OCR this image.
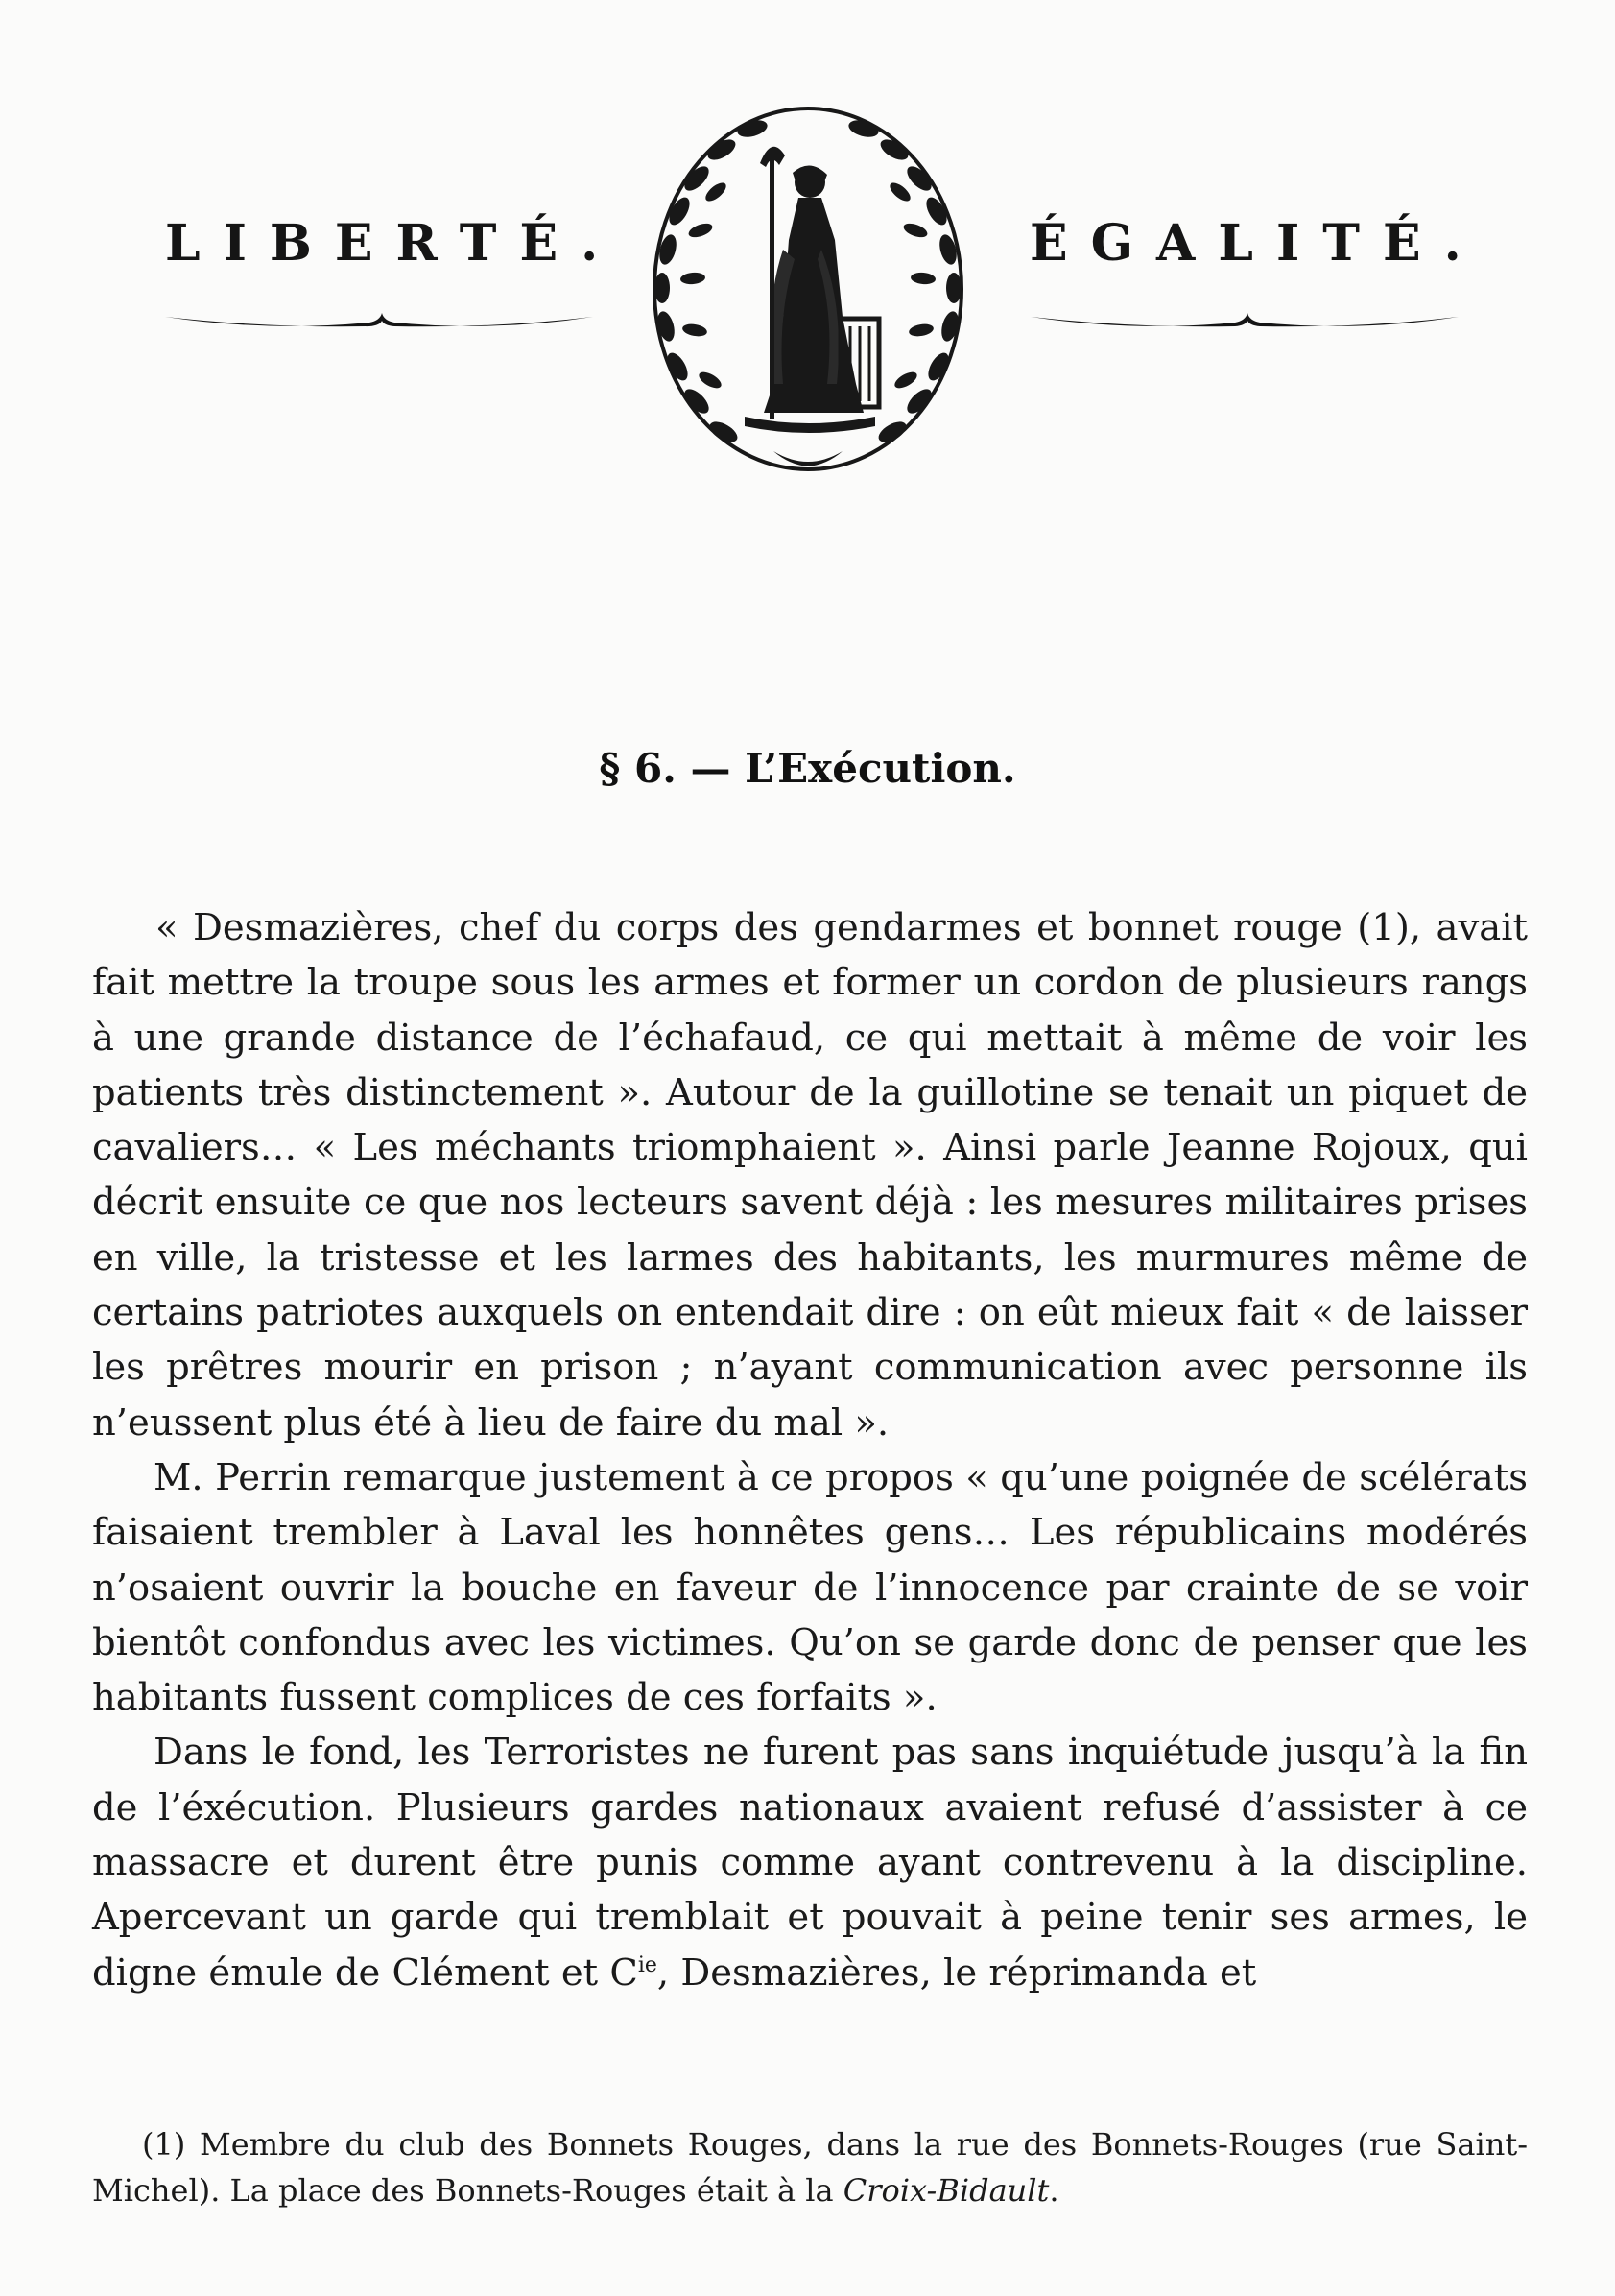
LIBERTÉ.	ÉGALITÉ.
§ 6. — L’Exécution.

« Desmazières, chef du corps des gendarmes et bonnet rouge (1), avait fait mettre la troupe sous les armes et former un cordon de plusieurs rangs à une grande distance de l’échafaud, ce qui mettait à même de voir les patients très distinctement ». Autour de la guillotine se tenait un piquet de cavaliers… « Les méchants triomphaient ». Ainsi parle Jeanne Rojoux, qui décrit ensuite ce que nos lecteurs savent déjà : les mesures militaires prises en ville, la tristesse et les larmes des habitants, les murmures même de certains patriotes auxquels on entendait dire : on eût mieux fait « de laisser les prêtres mourir en prison ; n’ayant communication avec personne ils n’eussent plus été à lieu de faire du mal ».

M. Perrin remarque justement à ce propos « qu’une poignée de scélérats faisaient trembler à Laval les honnêtes gens… Les républicains modérés n’osaient ouvrir la bouche en faveur de l’innocence par crainte de se voir bientôt confondus avec les victimes. Qu’on se garde donc de penser que les habitants fussent complices de ces forfaits ».

Dans le fond, les Terroristes ne furent pas sans inquiétude jusqu’à la fin de l’éxécution. Plusieurs gardes nationaux avaient refusé d’assister à ce massacre et durent être punis comme ayant contrevenu à la discipline. Apercevant un garde qui tremblait et pouvait à peine tenir ses armes, le digne émule de Clément et $C^{ie}$, Desmazières, le réprimanda et

(1) Membre du club des Bonnets Rouges, dans la rue des Bonnets-Rouges (rue Saint-Michel). La place des Bonnets-Rouges était à la Croix-Bidault.
